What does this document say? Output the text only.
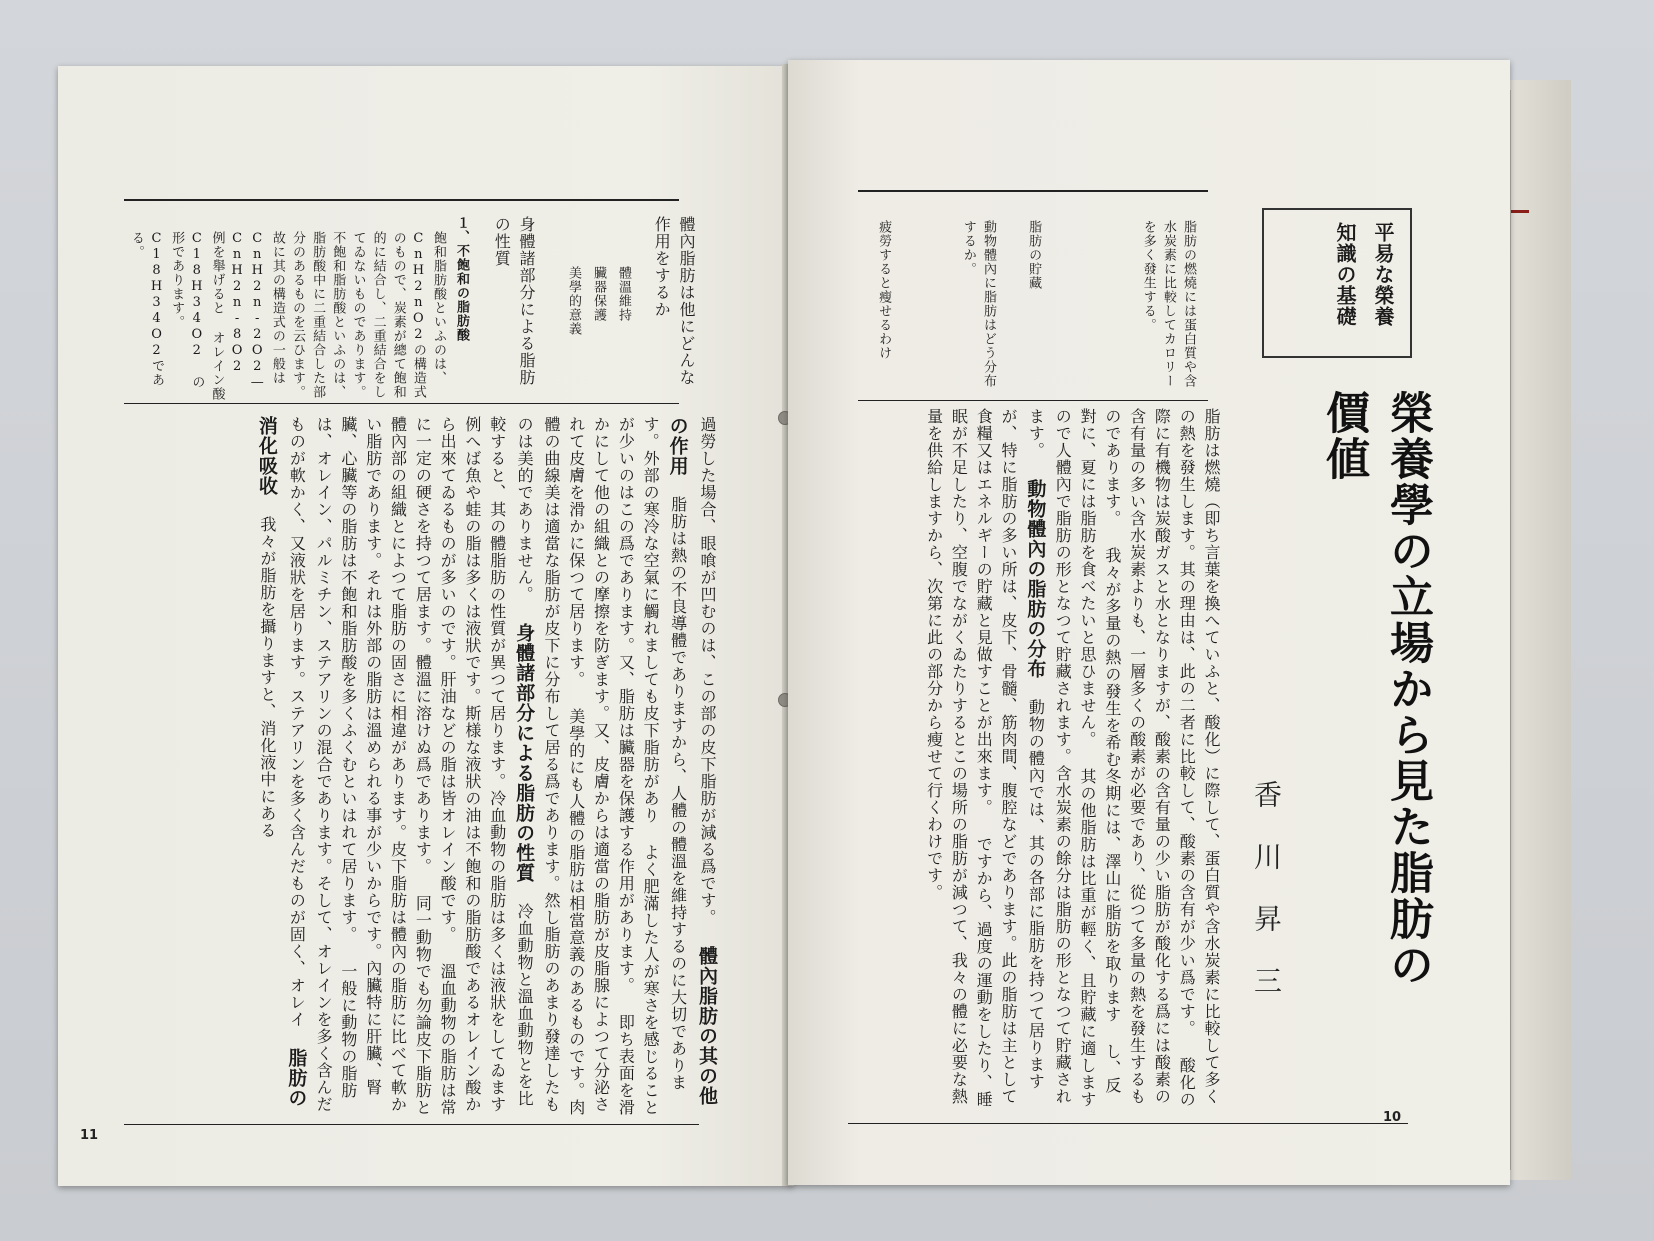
體內脂肪は他にどんな作用をするか
體溫維持
臟器保護
美學的意義
身體諸部分による脂肪の性質
１、不飽和の脂肪酸
飽和脂肪酸といふのは、CnH2nO2の構造式のもので、炭素が總て飽和的に結合し、二重結合をしてゐないものであります。不飽和脂肪酸といふのは、脂肪酸中に二重結合した部分のあるものを云ひます。故に其の構造式の一般は CnH2n-2O2—CnH2n-8O2 例を舉げると オレイン酸 C18H34O2 の形であります。C18H34O2である。
過勞した場合、眼喰が凹むのは、この部の皮下脂肪が減る爲です。 體內脂肪の其の他の作用 脂肪は熱の不良導體でありますから、人體の體溫を維持するのに大切であります。外部の寒冷な空氣に觸れましても皮下脂肪があり よく肥滿した人が寒さを感じることが少いのはこの爲であります。又、脂肪は臟器を保護する作用があります。 即ち表面を滑かにして他の組織との摩擦を防ぎます。又、皮膚からは適當の脂肪が皮脂腺によつて分泌されて皮膚を滑かに保つて居ります。 美學的にも人體の脂肪は相當意義のあるものです。肉體の曲線美は適當な脂肪が皮下に分布して居る爲であります。然し脂肪のあまり發達したものは美的でありません。 身體諸部分による脂肪の性質 冷血動物と溫血動物とを比較すると、其の體脂肪の性質が異つて居ります。冷血動物の脂肪は多くは液狀をしてゐます例へば魚や蛙の脂は多くは液狀です。斯様な液狀の油は不飽和の脂肪酸であるオレイン酸から出來てゐるものが多いのです。肝油などの脂は皆オレイン酸です。 溫血動物の脂肪は常に一定の硬さを持つて居ます。體溫に溶けぬ爲であります。 同一動物でも勿論皮下脂肪と體內部の組織とによつて脂肪の固さに相違があります。皮下脂肪は體內の脂肪に比べて軟かい脂肪であります。それは外部の脂肪は溫められる事が少いからです。內臟特に肝臟、腎臟、心臟等の脂肪は不飽和脂肪酸を多くふくむといはれて居ります。 一般に動物の脂肪は、オレイン、パルミチン、ステアリンの混合であります。そして、オレインを多く含んだものが軟かく、又液狀を居ります。ステアリンを多く含んだものが固く、オレイ 脂肪の消化吸收 我々が脂肪を攝りますと、消化液中にある
11
脂肪の燃燒には蛋白質や含水炭素に比較してカロリーを多く發生する。
脂肪の貯藏
動物體內に脂肪はどう分布するか。
疲勞すると瘦せるわけ	平易な榮養知識の基礎
榮養學の立場から見た脂肪の價値
香川昇三
脂肪は燃燒（即ち言葉を換へていふと、酸化）に際して、蛋白質や含水炭素に比較して多くの熱を發生します。其の理由は、此の二者に比較して、酸素の含有が少い爲です。 酸化の際に有機物は炭酸ガスと水となりますが、酸素の含有量の少い脂肪が酸化する爲には酸素の含有量の多い含水炭素よりも、一層多くの酸素が必要であり、從つて多量の熱を發生するものであります。 我々が多量の熱の發生を希む冬期には、澤山に脂肪を取ります し、反對に、夏には脂肪を食べたいと思ひません。 其の他脂肪は比重が輕く、且貯藏に適しますので人體內で脂肪の形となつて貯藏されます。含水炭素の餘分は脂肪の形となつて貯藏されます。 動物體內の脂肪の分布 動物の體內では、其の各部に脂肪を持つて居りますが、特に脂肪の多い所は、皮下、骨髓、筋肉間、腹腔などであります。此の脂肪は主として食糧又はエネルギーの貯藏と見做すことが出來ます。 ですから、過度の運動をしたり、睡眠が不足したり、空腹でながくゐたりするとこの場所の脂肪が減つて、我々の體に必要な熱量を供給しますから、次第に此の部分から瘦せて行くわけです。
10
